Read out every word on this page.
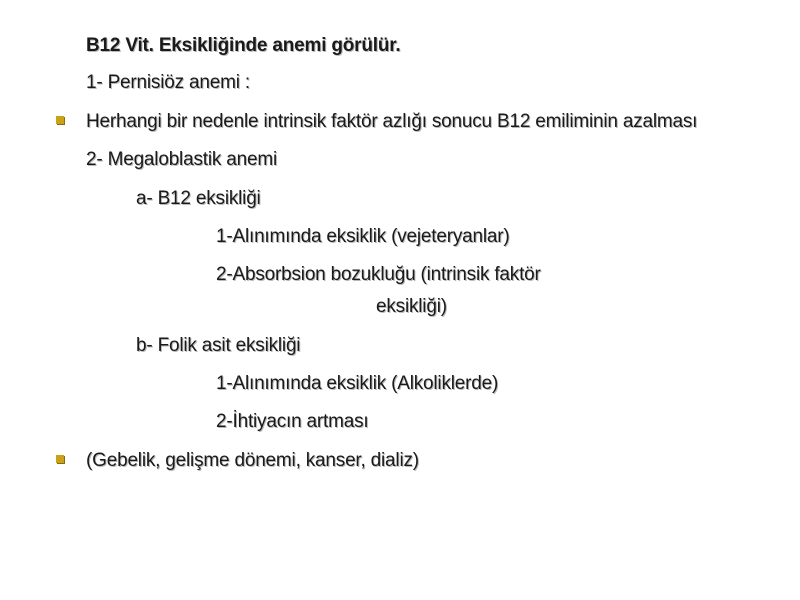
B12 Vit. Eksikliğinde anemi görülür.
1- Pernisiöz anemi :
Herhangi bir nedenle intrinsik faktör azlığı sonucu B12 emiliminin azalması
2- Megaloblastik anemi
a- B12 eksikliği
1-Alınımında eksiklik (vejeteryanlar)
2-Absorbsion bozukluğu (intrinsik faktör
eksikliği)
b- Folik asit eksikliği
1-Alınımında eksiklik (Alkoliklerde)
2-İhtiyacın artması
(Gebelik, gelişme dönemi, kanser, dializ)
